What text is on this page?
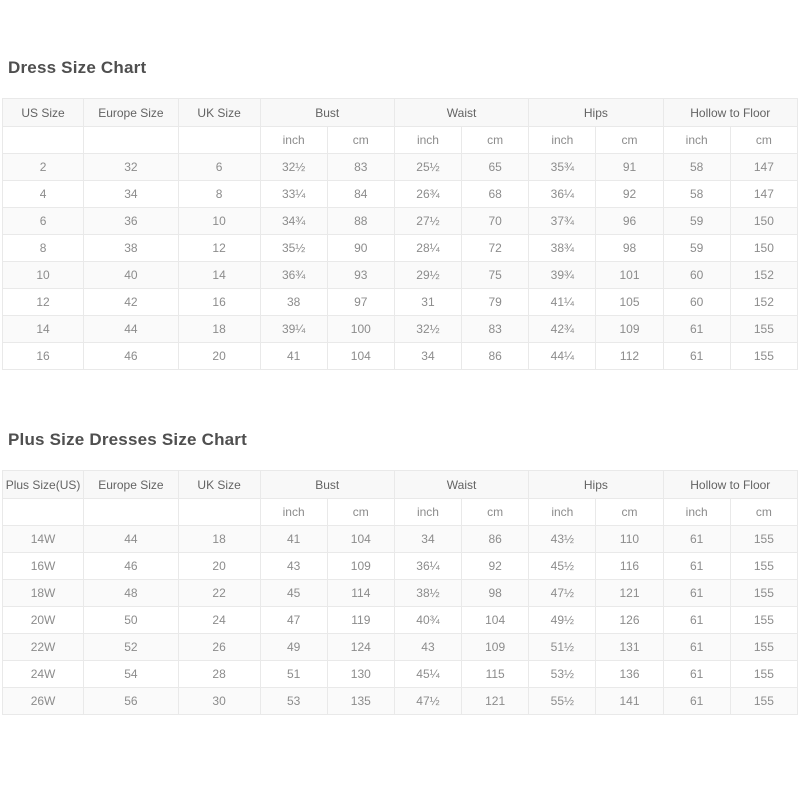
Dress Size Chart
US Size	Europe Size	UK Size	Bust		Waist		Hips		Hollow to Floor	
			inch	cm	inch	cm	inch	cm	inch	cm
2	32	6	32½	83	25½	65	35¾	91	58	147
4	34	8	33¼	84	26¾	68	36¼	92	58	147
6	36	10	34¾	88	27½	70	37¾	96	59	150
8	38	12	35½	90	28¼	72	38¾	98	59	150
10	40	14	36¾	93	29½	75	39¾	101	60	152
12	42	16	38	97	31	79	41¼	105	60	152
14	44	18	39¼	100	32½	83	42¾	109	61	155
16	46	20	41	104	34	86	44¼	112	61	155
Plus Size Dresses Size Chart
Plus Size(US)	Europe Size	UK Size	Bust		Waist		Hips		Hollow to Floor	
			inch	cm	inch	cm	inch	cm	inch	cm
14W	44	18	41	104	34	86	43½	110	61	155
16W	46	20	43	109	36¼	92	45½	116	61	155
18W	48	22	45	114	38½	98	47½	121	61	155
20W	50	24	47	119	40¾	104	49½	126	61	155
22W	52	26	49	124	43	109	51½	131	61	155
24W	54	28	51	130	45¼	115	53½	136	61	155
26W	56	30	53	135	47½	121	55½	141	61	155
